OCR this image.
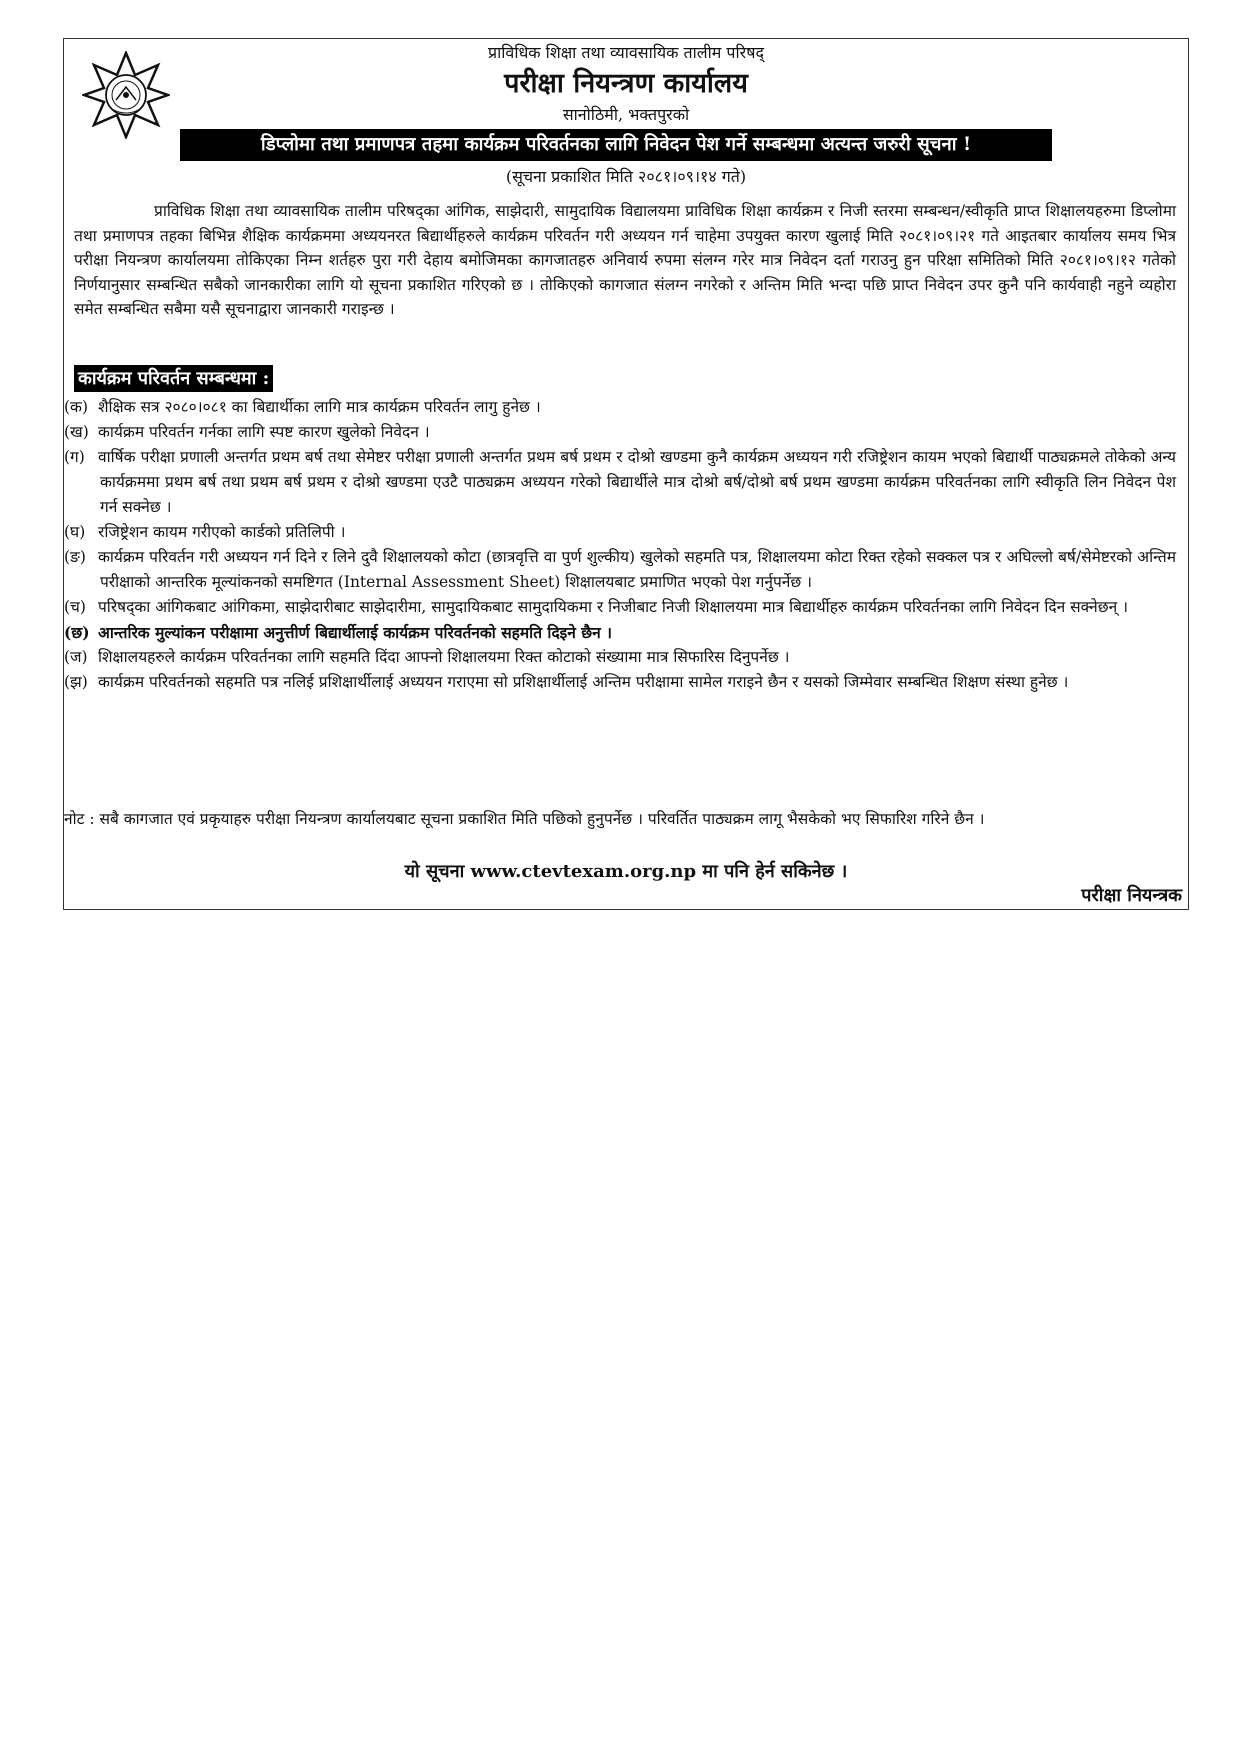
प्राविधिक शिक्षा तथा व्यावसायिक तालीम परिषद्
परीक्षा नियन्त्रण कार्यालय
सानोठिमी, भक्तपुरको
डिप्लोमा तथा प्रमाणपत्र तहमा कार्यक्रम परिवर्तनका लागि निवेदन पेश गर्ने सम्बन्धमा अत्यन्त जरुरी सूचना !
(सूचना प्रकाशित मिति २०८१।०९।१४ गते)
प्राविधिक शिक्षा तथा व्यावसायिक तालीम परिषद्का आंगिक, साझेदारी, सामुदायिक विद्यालयमा प्राविधिक शिक्षा कार्यक्रम र निजी स्तरमा सम्बन्धन/स्वीकृति प्राप्त शिक्षालयहरुमा डिप्लोमा तथा प्रमाणपत्र तहका बिभिन्न शैक्षिक कार्यक्रममा अध्ययनरत बिद्यार्थीहरुले कार्यक्रम परिवर्तन गरी अध्ययन गर्न चाहेमा उपयुक्त कारण खुलाई मिति २०८१।०९।२१ गते आइतबार कार्यालय समय भित्र परीक्षा नियन्त्रण कार्यालयमा तोकिएका निम्न शर्तहरु पुरा गरी देहाय बमोजिमका कागजातहरु अनिवार्य रुपमा संलग्न गरेर मात्र निवेदन दर्ता गराउनु हुन परिक्षा समितिको मिति २०८१।०९।१२ गतेको निर्णयानुसार सम्बन्धित सबैको जानकारीका लागि यो सूचना प्रकाशित गरिएको छ । तोकिएको कागजात संलग्न नगरेको र अन्तिम मिति भन्दा पछि प्राप्त निवेदन उपर कुनै पनि कार्यवाही नहुने व्यहोरा समेत सम्बन्धित सबैमा यसै सूचनाद्वारा जानकारी गराइन्छ ।
कार्यक्रम परिवर्तन सम्बन्धमा :
(क) शैक्षिक सत्र २०८०।०८१ का बिद्यार्थीका लागि मात्र कार्यक्रम परिवर्तन लागु हुनेछ ।
(ख) कार्यक्रम परिवर्तन गर्नका लागि स्पष्ट कारण खुलेको निवेदन ।
(ग) वार्षिक परीक्षा प्रणाली अन्तर्गत प्रथम बर्ष तथा सेमेष्टर परीक्षा प्रणाली अन्तर्गत प्रथम बर्ष प्रथम र दोश्रो खण्डमा कुनै कार्यक्रम अध्ययन गरी रजिष्ट्रेशन कायम भएको बिद्यार्थी पाठ्यक्रमले तोकेको अन्य कार्यक्रममा प्रथम बर्ष तथा प्रथम बर्ष प्रथम र दोश्रो खण्डमा एउटै पाठ्यक्रम अध्ययन गरेको बिद्यार्थीले मात्र दोश्रो बर्ष/दोश्रो बर्ष प्रथम खण्डमा कार्यक्रम परिवर्तनका लागि स्वीकृति लिन निवेदन पेश गर्न सक्नेछ ।
(घ) रजिष्ट्रेशन कायम गरीएको कार्डको प्रतिलिपी ।
(ङ) कार्यक्रम परिवर्तन गरी अध्ययन गर्न दिने र लिने दुवै शिक्षालयको कोटा (छात्रवृत्ति वा पुर्ण शुल्कीय) खुलेको सहमति पत्र, शिक्षालयमा कोटा रिक्त रहेको सक्कल पत्र र अघिल्लो बर्ष/सेमेष्टरको अन्तिम परीक्षाको आन्तरिक मूल्यांकनको समष्टिगत (Internal Assessment Sheet) शिक्षालयबाट प्रमाणित भएको पेश गर्नुपर्नेछ ।
(च) परिषद्का आंगिकबाट आंगिकमा, साझेदारीबाट साझेदारीमा, सामुदायिकबाट सामुदायिकमा र निजीबाट निजी शिक्षालयमा मात्र बिद्यार्थीहरु कार्यक्रम परिवर्तनका लागि निवेदन दिन सक्नेछन् ।
(छ) आन्तरिक मुल्यांकन परीक्षामा अनुत्तीर्ण बिद्यार्थीलाई कार्यक्रम परिवर्तनको सहमति दिइने छैन ।
(ज) शिक्षालयहरुले कार्यक्रम परिवर्तनका लागि सहमति दिंदा आफ्नो शिक्षालयमा रिक्त कोटाको संख्यामा मात्र सिफारिस दिनुपर्नेछ ।
(झ) कार्यक्रम परिवर्तनको सहमति पत्र नलिई प्रशिक्षार्थीलाई अध्ययन गराएमा सो प्रशिक्षार्थीलाई अन्तिम परीक्षामा सामेल गराइने छैन र यसको जिम्मेवार सम्बन्धित शिक्षण संस्था हुनेछ ।
नोट : सबै कागजात एवं प्रकृयाहरु परीक्षा नियन्त्रण कार्यालयबाट सूचना प्रकाशित मिति पछिको हुनुपर्नेछ । परिवर्तित पाठ्यक्रम लागू भैसकेको भए सिफारिश गरिने छैन ।
यो सूचना www.ctevtexam.org.np मा पनि हेर्न सकिनेछ ।
परीक्षा नियन्त्रक
